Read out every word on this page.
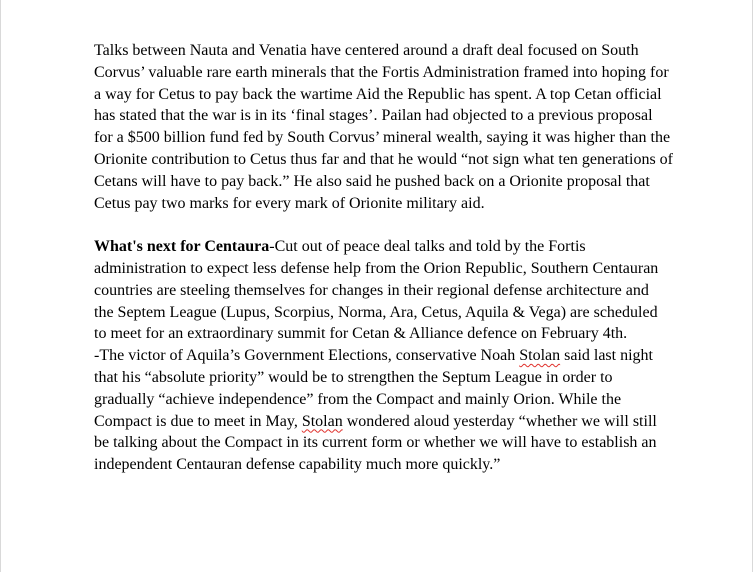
Talks between Nauta and Venatia have centered around a draft deal focused on South Corvus’ valuable rare earth minerals that the Fortis Administration framed into hoping for a way for Cetus to pay back the wartime Aid the Republic has spent. A top Cetan official has stated that the war is in its ‘final stages’. Pailan had objected to a previous proposal for a $500 billion fund fed by South Corvus’ mineral wealth, saying it was higher than the Orionite contribution to Cetus thus far and that he would “not sign what ten generations of Cetans will have to pay back.” He also said he pushed back on a Orionite proposal that Cetus pay two marks for every mark of Orionite military aid.

What's next for Centaura-Cut out of peace deal talks and told by the Fortis administration to expect less defense help from the Orion Republic, Southern Centauran countries are steeling themselves for changes in their regional defense architecture and the Septem League (Lupus, Scorpius, Norma, Ara, Cetus, Aquila & Vega) are scheduled to meet for an extraordinary summit for Cetan & Alliance defence on February 4th.

-The victor of Aquila’s Government Elections, conservative Noah Stolan said last night that his “absolute priority” would be to strengthen the Septum League in order to gradually “achieve independence” from the Compact and mainly Orion. While the Compact is due to meet in May, Stolan wondered aloud yesterday “whether we will still be talking about the Compact in its current form or whether we will have to establish an independent Centauran defense capability much more quickly.”
